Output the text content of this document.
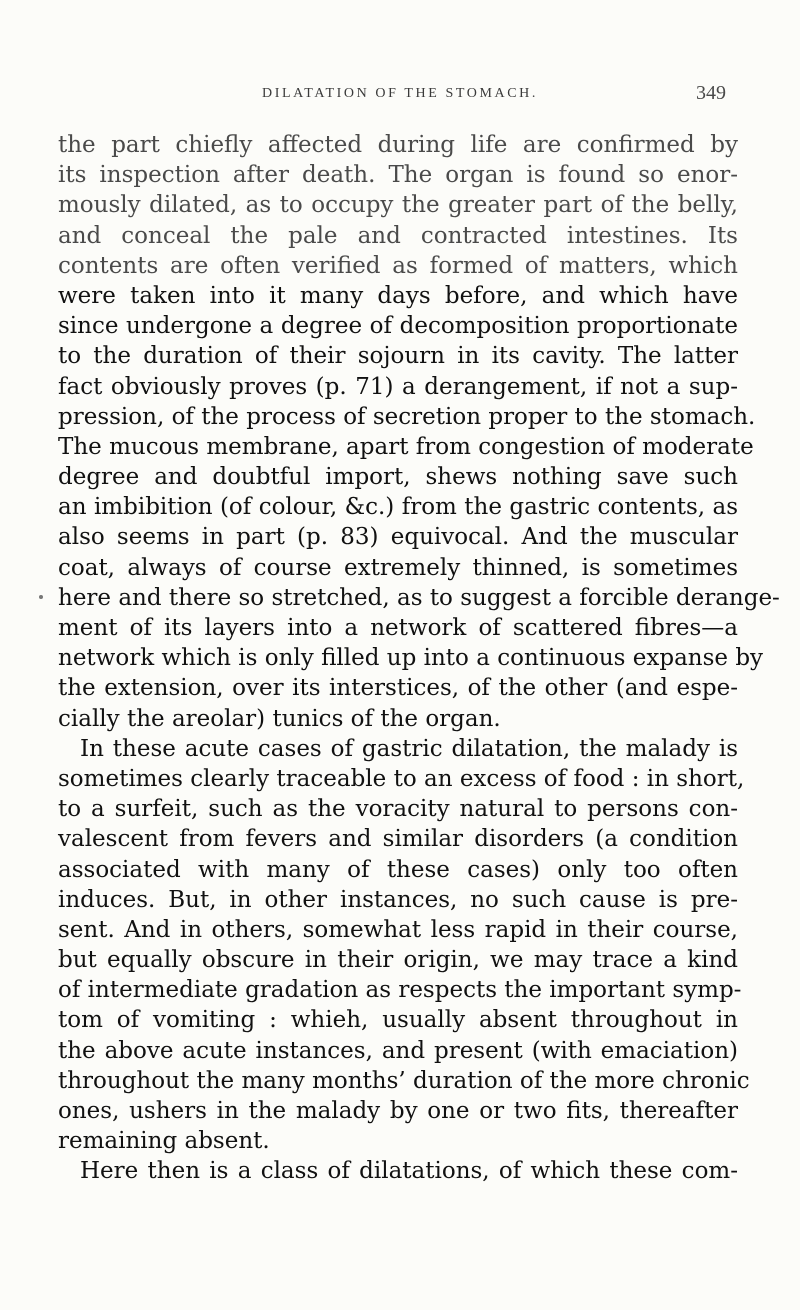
DILATATION OF THE STOMACH.	349
the part chiefly affected during life are confirmed by
its inspection after death. The organ is found so enor-
mously dilated, as to occupy the greater part of the belly,
and conceal the pale and contracted intestines. Its
contents are often verified as formed of matters, which
were taken into it many days before, and which have
since undergone a degree of decomposition proportionate
to the duration of their sojourn in its cavity. The latter
fact obviously proves (p. 71) a derangement, if not a sup-
pression, of the process of secretion proper to the stomach.
The mucous membrane, apart from congestion of moderate
degree and doubtful import, shews nothing save such
an imbibition (of colour, &c.) from the gastric contents, as
also seems in part (p. 83) equivocal. And the muscular
coat, always of course extremely thinned, is sometimes
here and there so stretched, as to suggest a forcible derange-
ment of its layers into a network of scattered fibres—a
network which is only filled up into a continuous expanse by
the extension, over its interstices, of the other (and espe-
cially the areolar) tunics of the organ.
In these acute cases of gastric dilatation, the malady is
sometimes clearly traceable to an excess of food : in short,
to a surfeit, such as the voracity natural to persons con-
valescent from fevers and similar disorders (a condition
associated with many of these cases) only too often
induces. But, in other instances, no such cause is pre-
sent. And in others, somewhat less rapid in their course,
but equally obscure in their origin, we may trace a kind
of intermediate gradation as respects the important symp-
tom of vomiting : whieh, usually absent throughout in
the above acute instances, and present (with emaciation)
throughout the many months’ duration of the more chronic
ones, ushers in the malady by one or two fits, thereafter
remaining absent.
Here then is a class of dilatations, of which these com-
